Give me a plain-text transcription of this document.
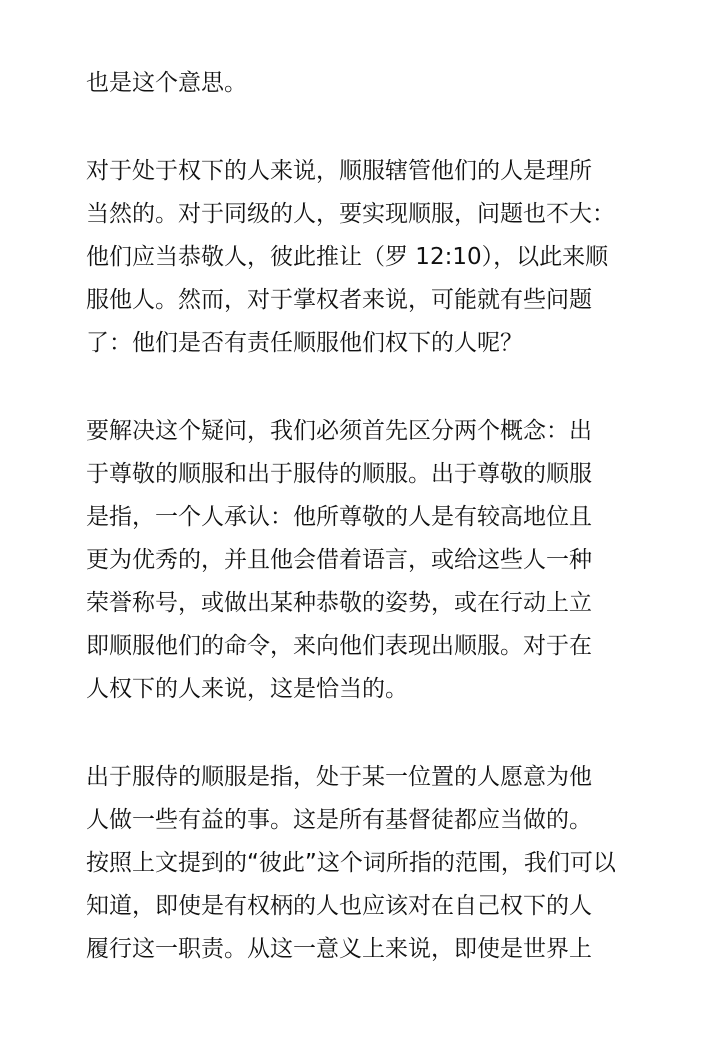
也是这个意思。
对于处于权下的人来说，顺服辖管他们的人是理所
当然的。对于同级的人，要实现顺服，问题也不大：
他们应当恭敬人，彼此推让（罗 12:10），以此来顺
服他人。然而，对于掌权者来说，可能就有些问题
了：他们是否有责任顺服他们权下的人呢？
要解决这个疑问，我们必须首先区分两个概念：出
于尊敬的顺服和出于服侍的顺服。出于尊敬的顺服
是指，一个人承认：他所尊敬的人是有较高地位且
更为优秀的，并且他会借着语言，或给这些人一种
荣誉称号，或做出某种恭敬的姿势，或在行动上立
即顺服他们的命令，来向他们表现出顺服。对于在
人权下的人来说，这是恰当的。
出于服侍的顺服是指，处于某一位置的人愿意为他
人做一些有益的事。这是所有基督徒都应当做的。
按照上文提到的“彼此”这个词所指的范围，我们可以
知道，即使是有权柄的人也应该对在自己权下的人
履行这一职责。从这一意义上来说，即使是世界上
